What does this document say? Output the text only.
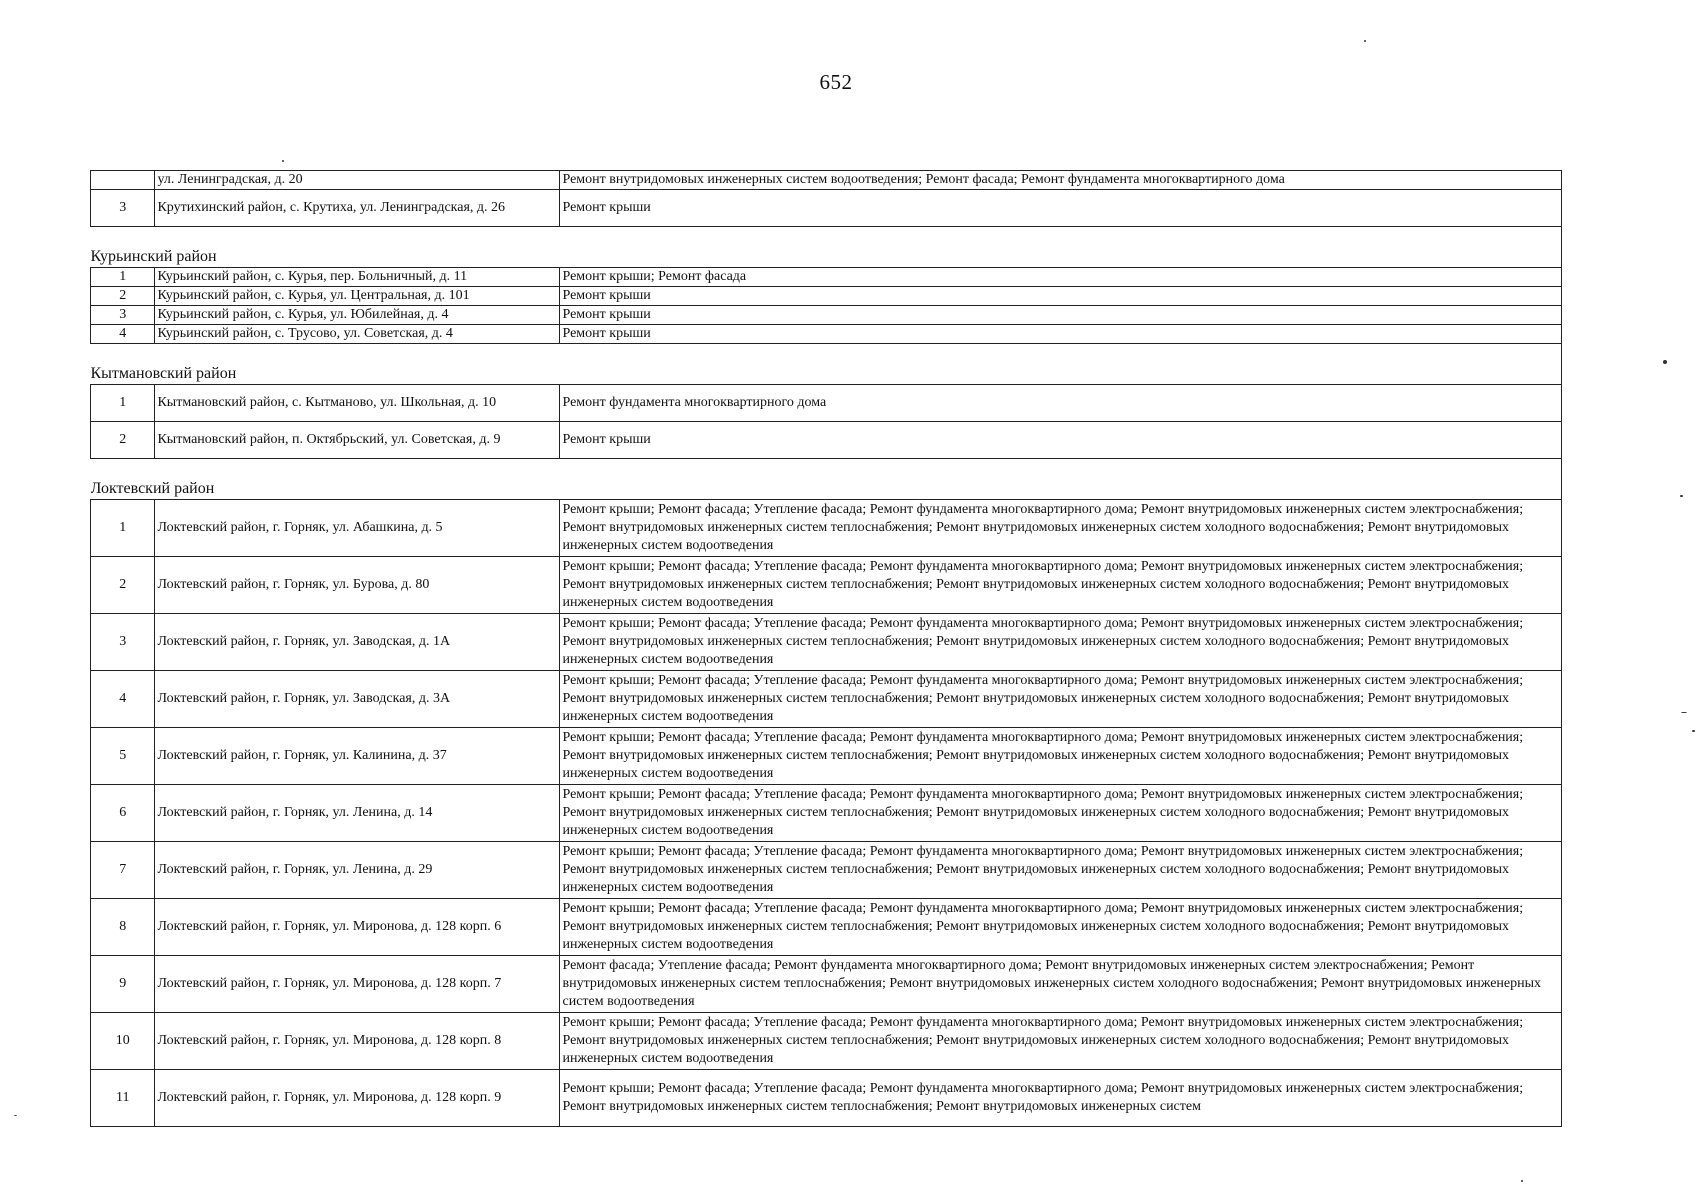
652
	ул. Ленинградская, д. 20	Ремонт внутридомовых инженерных систем водоотведения; Ремонт фасада; Ремонт фундамента многоквартирного дома
3	Крутихинский район, с. Крутиха, ул. Ленинградская, д. 26	Ремонт крыши
Курьинский район		
1	Курьинский район, с. Курья, пер. Больничный, д. 11	Ремонт крыши; Ремонт фасада
2	Курьинский район, с. Курья, ул. Центральная, д. 101	Ремонт крыши
3	Курьинский район, с. Курья, ул. Юбилейная, д. 4	Ремонт крыши
4	Курьинский район, с. Трусово, ул. Советская, д. 4	Ремонт крыши
Кытмановский район		
1	Кытмановский район, с. Кытманово, ул. Школьная, д. 10	Ремонт фундамента многоквартирного дома
2	Кытмановский район, п. Октябрьский, ул. Советская, д. 9	Ремонт крыши
Локтевский район		
1	Локтевский район, г. Горняк, ул. Абашкина, д. 5	Ремонт крыши; Ремонт фасада; Утепление фасада; Ремонт фундамента многоквартирного дома; Ремонт внутридомовых инженерных систем электроснабжения; Ремонт внутридомовых инженерных систем теплоснабжения; Ремонт внутридомовых инженерных систем холодного водоснабжения; Ремонт внутридомовых инженерных систем водоотведения
2	Локтевский район, г. Горняк, ул. Бурова, д. 80	Ремонт крыши; Ремонт фасада; Утепление фасада; Ремонт фундамента многоквартирного дома; Ремонт внутридомовых инженерных систем электроснабжения; Ремонт внутридомовых инженерных систем теплоснабжения; Ремонт внутридомовых инженерных систем холодного водоснабжения; Ремонт внутридомовых инженерных систем водоотведения
3	Локтевский район, г. Горняк, ул. Заводская, д. 1А	Ремонт крыши; Ремонт фасада; Утепление фасада; Ремонт фундамента многоквартирного дома; Ремонт внутридомовых инженерных систем электроснабжения; Ремонт внутридомовых инженерных систем теплоснабжения; Ремонт внутридомовых инженерных систем холодного водоснабжения; Ремонт внутридомовых инженерных систем водоотведения
4	Локтевский район, г. Горняк, ул. Заводская, д. 3А	Ремонт крыши; Ремонт фасада; Утепление фасада; Ремонт фундамента многоквартирного дома; Ремонт внутридомовых инженерных систем электроснабжения; Ремонт внутридомовых инженерных систем теплоснабжения; Ремонт внутридомовых инженерных систем холодного водоснабжения; Ремонт внутридомовых инженерных систем водоотведения
5	Локтевский район, г. Горняк, ул. Калинина, д. 37	Ремонт крыши; Ремонт фасада; Утепление фасада; Ремонт фундамента многоквартирного дома; Ремонт внутридомовых инженерных систем электроснабжения; Ремонт внутридомовых инженерных систем теплоснабжения; Ремонт внутридомовых инженерных систем холодного водоснабжения; Ремонт внутридомовых инженерных систем водоотведения
6	Локтевский район, г. Горняк, ул. Ленина, д. 14	Ремонт крыши; Ремонт фасада; Утепление фасада; Ремонт фундамента многоквартирного дома; Ремонт внутридомовых инженерных систем электроснабжения; Ремонт внутридомовых инженерных систем теплоснабжения; Ремонт внутридомовых инженерных систем холодного водоснабжения; Ремонт внутридомовых инженерных систем водоотведения
7	Локтевский район, г. Горняк, ул. Ленина, д. 29	Ремонт крыши; Ремонт фасада; Утепление фасада; Ремонт фундамента многоквартирного дома; Ремонт внутридомовых инженерных систем электроснабжения; Ремонт внутридомовых инженерных систем теплоснабжения; Ремонт внутридомовых инженерных систем холодного водоснабжения; Ремонт внутридомовых инженерных систем водоотведения
8	Локтевский район, г. Горняк, ул. Миронова, д. 128 корп. 6	Ремонт крыши; Ремонт фасада; Утепление фасада; Ремонт фундамента многоквартирного дома; Ремонт внутридомовых инженерных систем электроснабжения; Ремонт внутридомовых инженерных систем теплоснабжения; Ремонт внутридомовых инженерных систем холодного водоснабжения; Ремонт внутридомовых инженерных систем водоотведения
9	Локтевский район, г. Горняк, ул. Миронова, д. 128 корп. 7	Ремонт фасада; Утепление фасада; Ремонт фундамента многоквартирного дома; Ремонт внутридомовых инженерных систем электроснабжения; Ремонт внутридомовых инженерных систем теплоснабжения; Ремонт внутридомовых инженерных систем холодного водоснабжения; Ремонт внутридомовых инженерных систем водоотведения
10	Локтевский район, г. Горняк, ул. Миронова, д. 128 корп. 8	Ремонт крыши; Ремонт фасада; Утепление фасада; Ремонт фундамента многоквартирного дома; Ремонт внутридомовых инженерных систем электроснабжения; Ремонт внутридомовых инженерных систем теплоснабжения; Ремонт внутридомовых инженерных систем холодного водоснабжения; Ремонт внутридомовых инженерных систем водоотведения
11	Локтевский район, г. Горняк, ул. Миронова, д. 128 корп. 9	Ремонт крыши; Ремонт фасада; Утепление фасада; Ремонт фундамента многоквартирного дома; Ремонт внутридомовых инженерных систем электроснабжения; Ремонт внутридомовых инженерных систем теплоснабжения; Ремонт внутридомовых инженерных систем
